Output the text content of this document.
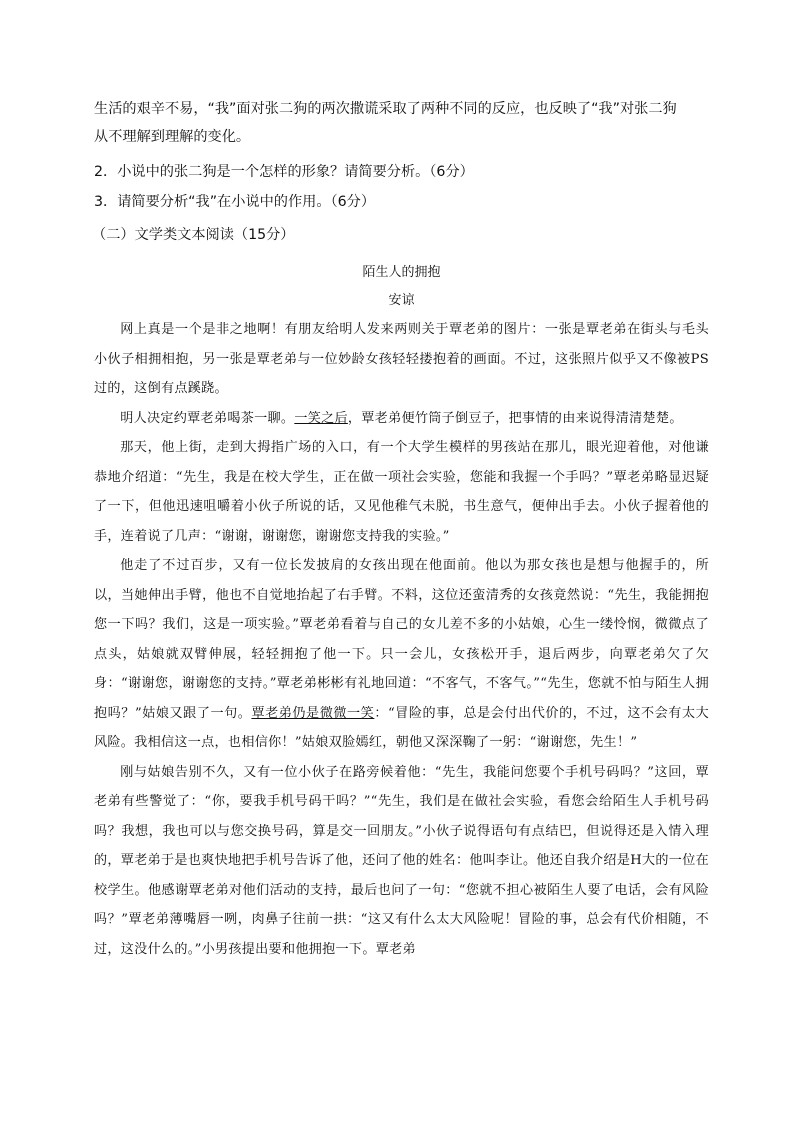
生活的艰辛不易，“我”面对张二狗的两次撒谎采取了两种不同的反应，也反映了“我”对张二狗

从不理解到理解的变化。

2．小说中的张二狗是一个怎样的形象？请简要分析。（6分）

3．请简要分析“我”在小说中的作用。（6分）

（二）文学类文本阅读（15分）

陌生人的拥抱

安谅

网上真是一个是非之地啊！有朋友给明人发来两则关于覃老弟的图片：一张是覃老弟在街头与毛头小伙子相拥相抱，另一张是覃老弟与一位妙龄女孩轻轻搂抱着的画面。不过，这张照片似乎又不像被PS过的，这倒有点蹊跷。

明人决定约覃老弟喝茶一聊。一笑之后，覃老弟便竹筒子倒豆子，把事情的由来说得清清楚楚。

那天，他上街，走到大拇指广场的入口，有一个大学生模样的男孩站在那儿，眼光迎着他，对他谦恭地介绍道：“先生，我是在校大学生，正在做一项社会实验，您能和我握一个手吗？”覃老弟略显迟疑了一下，但他迅速咀嚼着小伙子所说的话，又见他稚气未脱，书生意气，便伸出手去。小伙子握着他的手，连着说了几声：“谢谢，谢谢您，谢谢您支持我的实验。”

他走了不过百步，又有一位长发披肩的女孩出现在他面前。他以为那女孩也是想与他握手的，所以，当她伸出手臂，他也不自觉地抬起了右手臂。不料，这位还蛮清秀的女孩竟然说：“先生，我能拥抱您一下吗？我们，这是一项实验。”覃老弟看着与自己的女儿差不多的小姑娘，心生一缕怜悯，微微点了点头，姑娘就双臂伸展，轻轻拥抱了他一下。只一会儿，女孩松开手，退后两步，向覃老弟欠了欠身：“谢谢您，谢谢您的支持。”覃老弟彬彬有礼地回道：“不客气，不客气。”“先生，您就不怕与陌生人拥抱吗？”姑娘又跟了一句。覃老弟仍是微微一笑：“冒险的事，总是会付出代价的，不过，这不会有太大风险。我相信这一点，也相信你！”姑娘双脸嫣红，朝他又深深鞠了一躬：“谢谢您，先生！”

刚与姑娘告别不久，又有一位小伙子在路旁候着他：“先生，我能问您要个手机号码吗？”这回，覃老弟有些警觉了：“你，要我手机号码干吗？”“先生，我们是在做社会实验，看您会给陌生人手机号码吗？我想，我也可以与您交换号码，算是交一回朋友。”小伙子说得语句有点结巴，但说得还是入情入理的，覃老弟于是也爽快地把手机号告诉了他，还问了他的姓名：他叫李让。他还自我介绍是H大的一位在校学生。他感谢覃老弟对他们活动的支持，最后也问了一句：“您就不担心被陌生人要了电话，会有风险吗？”覃老弟薄嘴唇一咧，肉鼻子往前一拱：“这又有什么太大风险呢！冒险的事，总会有代价相随，不过，这没什么的。”小男孩提出要和他拥抱一下。覃老弟
